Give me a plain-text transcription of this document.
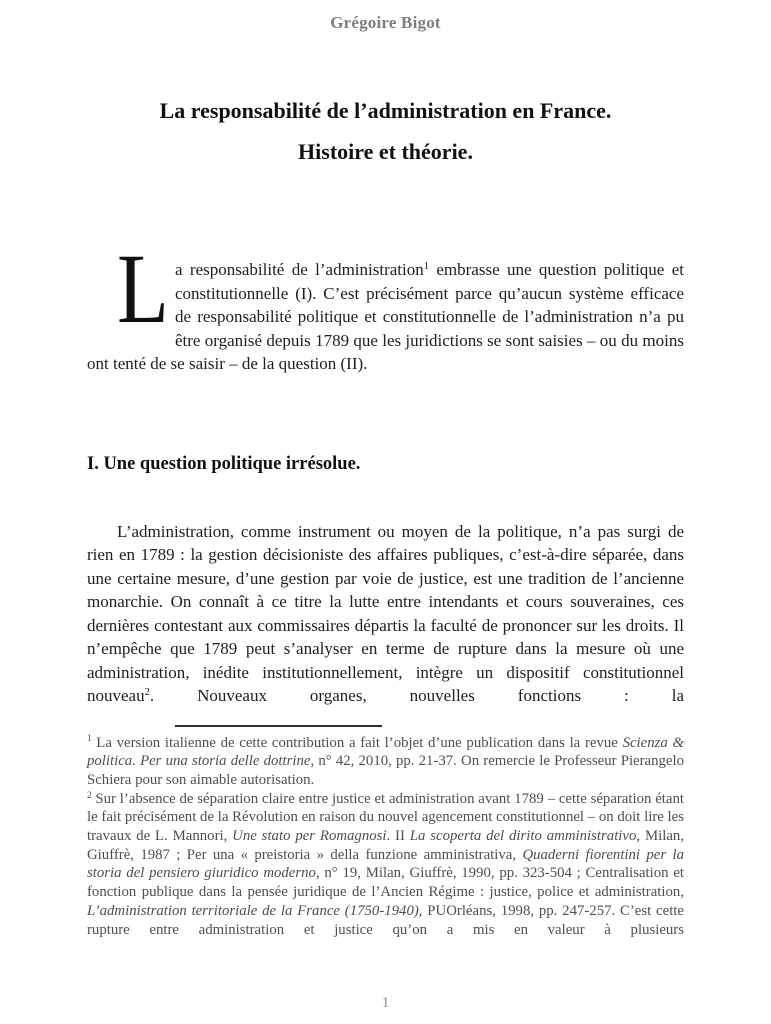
Grégoire Bigot
La responsabilité de l’administration en France.
Histoire et théorie.

L a responsabilité de l’administration$^1$ embrasse une question politique et constitutionnelle (I). C’est précisément parce qu’aucun système efficace de responsabilité politique et constitutionnelle de l’administration n’a pu être organisé depuis 1789 que les juridictions se sont saisies – ou du moins ont tenté de se saisir – de la question (II).

I. Une question politique irrésolue.

L’administration, comme instrument ou moyen de la politique, n’a pas surgi de rien en 1789 : la gestion décisioniste des affaires publiques, c’est-à-dire séparée, dans une certaine mesure, d’une gestion par voie de justice, est une tradition de l’ancienne monarchie. On connaît à ce titre la lutte entre intendants et cours souveraines, ces dernières contestant aux commissaires départis la faculté de prononcer sur les droits. Il n’empêche que 1789 peut s’analyser en terme de rupture dans la mesure où une administration, inédite institutionnellement, intègre un dispositif constitutionnel nouveau$^2$. Nouveaux organes, nouvelles fonctions : la

$^1$ La version italienne de cette contribution a fait l’objet d’une publication dans la revue Scienza & politica. Per una storia delle dottrine, n° 42, 2010, pp. 21-37. On remercie le Professeur Pierangelo Schiera pour son aimable autorisation.

$^2$ Sur l’absence de séparation claire entre justice et administration avant 1789 – cette séparation étant le fait précisément de la Révolution en raison du nouvel agencement constitutionnel – on doit lire les travaux de L. Mannori, Une stato per Romagnosi. II La scoperta del dirito amministrativo, Milan, Giuffrè, 1987 ; Per una « preistoria » della funzione amministrativa, Quaderni fiorentini per la storia del pensiero giuridico moderno, n° 19, Milan, Giuffrè, 1990, pp. 323-504 ; Centralisation et fonction publique dans la pensée juridique de l’Ancien Régime : justice, police et administration, L’administration territoriale de la France (1750-1940), PUOrléans, 1998, pp. 247-257. C’est cette rupture entre administration et justice qu’on a mis en valeur à plusieurs

1
